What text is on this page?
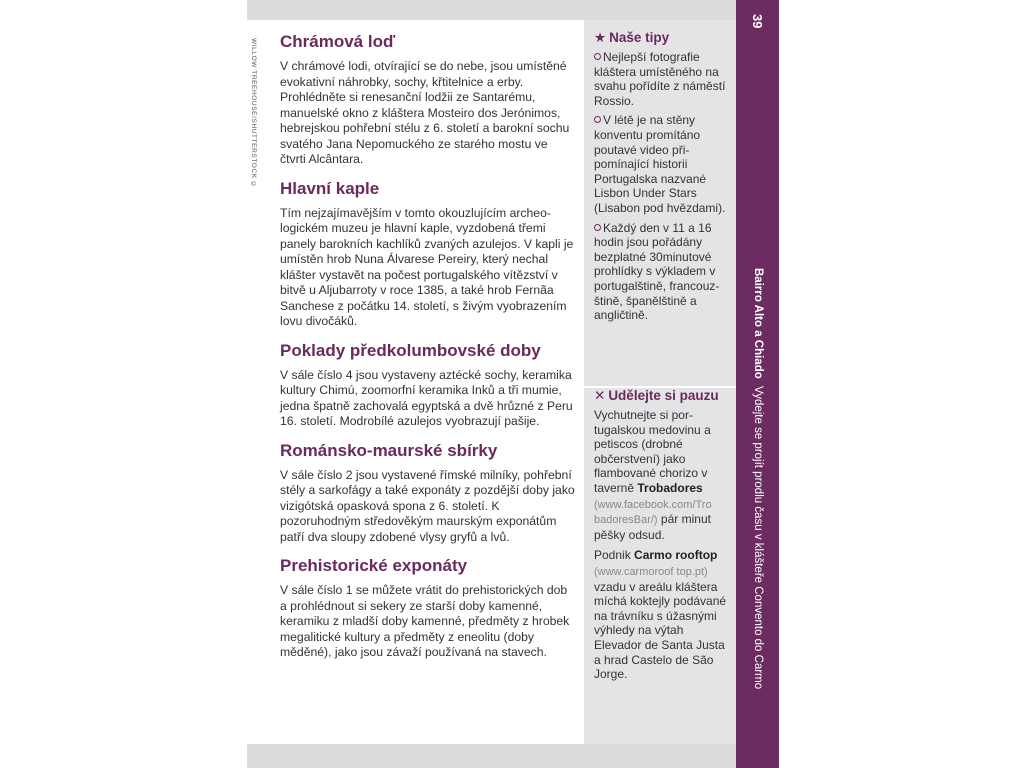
WILLOW TREEHOUSE/SHUTTERSTOCK © Chrámová loď

V chrámové lodi, otvírající se do nebe, jsou umístěné evokativní náhrobky, sochy, křtitelnice a erby. Prohlédněte si renesanční lodžii ze Santarému, manuelské okno z kláštera Mosteiro dos Jerónimos, hebrejskou pohřební stélu z 6. století a barokní sochu svatého Jana Nepomuckého ze starého mostu ve čtvrti Alcântara.

Hlavní kaple

Tím nejzajímavějším v tomto okouzlujícím archeologickém muzeu je hlavní kaple, vyzdobená třemi panely barokních kachlíků zvaných azulejos. V kapli je umístěn hrob Nuna Álvarese Pereiry, který nechal klášter vystavět na počest portugalského vítězství v bitvě u Aljubarroty v roce 1385, a také hrob Fernãa Sanchese z počátku 14. století, s živým vyobrazením lovu divočáků.

Poklady předkolumbovské doby

V sále číslo 4 jsou vystaveny aztécké sochy, keramika kultury Chimú, zoomorfní keramika Inků a tři mumie, jedna špatně zachovalá egyptská a dvě hrůzné z Peru 16. století. Modrobílé azulejos vyobrazují pašije.

Románsko-maurské sbírky

V sále číslo 2 jsou vystavené římské milníky, pohřební stély a sarkofágy a také exponáty z pozdější doby jako vizigótská opasková spona z 6. století. K pozoruhodným středověkým maurským exponátům patří dva sloupy zdobené vlysy gryfů a lvů.

Prehistorické exponáty

V sále číslo 1 se můžete vrátit do prehistorických dob a prohlédnout si sekery ze starší doby kamenné, keramiku z mladší doby kamenné, předměty z hrobek megalitické kultury a předměty z eneolitu (doby měděné), jako jsou závaží používaná na stavech.

★ Naše tipy
Nejlepší fotografie kláštera umístěného na svahu pořídíte z náměstí Rossio.
V létě je na stěny konventu promítáno poutavé video připomínající historii Portugalska nazvané Lisbon Under Stars (Lisabon pod hvězdami).
Každý den v 11 a 16 hodin jsou pořádány bezplatné 30minutové prohlídky s výkladem v portugalštině, francouzštině, španělštině a angličtině.
✕ Udělejte si pauzu

Vychutnejte si portugalskou medovinu a petiscos (drobné občerstvení) jako flambované chorizo v taverně Trobadores (www.facebook.com/Tro badoresBar/) pár minut pěšky odsud.

Podnik Carmo rooftop (www.carmoroof top.pt) vzadu v areálu kláštera míchá koktejly podávané na trávníku s úžasnými výhledy na výtah Elevador de Santa Justa a hrad Castelo de São Jorge.

39
Bairro Alto a Chiado Vydejte se projít prodlu času v klášteře Convento do Carmo
